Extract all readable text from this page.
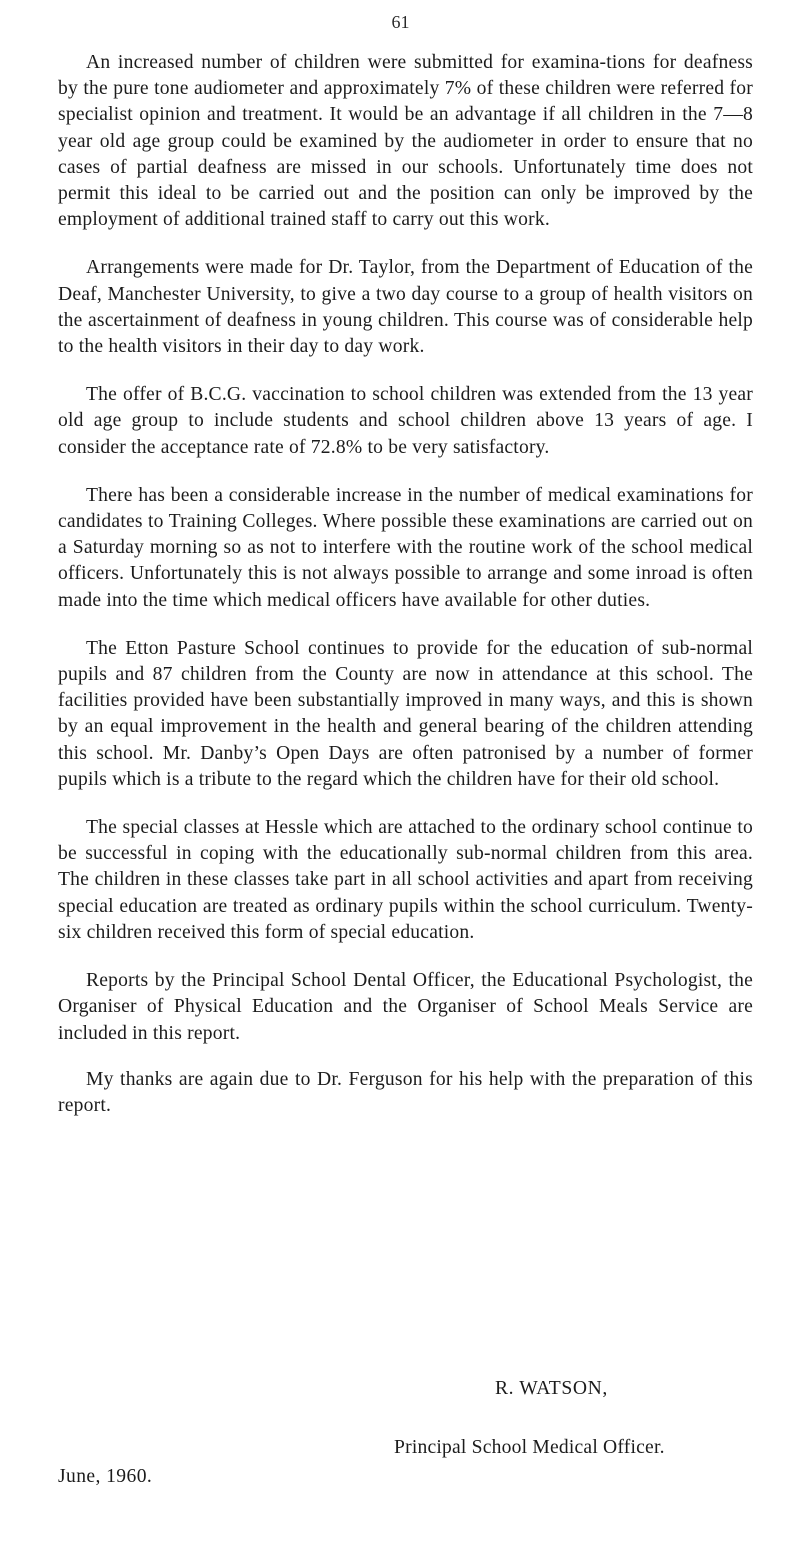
61

An increased number of children were submitted for examina-tions for deafness by the pure tone audiometer and approximately 7% of these children were referred for specialist opinion and treatment. It would be an advantage if all children in the 7—8 year old age group could be examined by the audiometer in order to ensure that no cases of partial deafness are missed in our schools. Unfortunately time does not permit this ideal to be carried out and the position can only be improved by the employment of additional trained staff to carry out this work.

Arrangements were made for Dr. Taylor, from the Department of Education of the Deaf, Manchester University, to give a two day course to a group of health visitors on the ascertainment of deafness in young children. This course was of considerable help to the health visitors in their day to day work.

The offer of B.C.G. vaccination to school children was extended from the 13 year old age group to include students and school children above 13 years of age. I consider the acceptance rate of 72.8% to be very satisfactory.

There has been a considerable increase in the number of medical examinations for candidates to Training Colleges. Where possible these examinations are carried out on a Saturday morning so as not to interfere with the routine work of the school medical officers. Unfortunately this is not always possible to arrange and some inroad is often made into the time which medical officers have available for other duties.

The Etton Pasture School continues to provide for the education of sub-normal pupils and 87 children from the County are now in attendance at this school. The facilities provided have been substantially improved in many ways, and this is shown by an equal improvement in the health and general bearing of the children attending this school. Mr. Danby’s Open Days are often patronised by a number of former pupils which is a tribute to the regard which the children have for their old school.

The special classes at Hessle which are attached to the ordinary school continue to be successful in coping with the educationally sub-normal children from this area. The children in these classes take part in all school activities and apart from receiving special education are treated as ordinary pupils within the school curriculum. Twenty-six children received this form of special education.

Reports by the Principal School Dental Officer, the Educational Psychologist, the Organiser of Physical Education and the Organiser of School Meals Service are included in this report.

My thanks are again due to Dr. Ferguson for his help with the preparation of this report.

R. WATSON,
Principal School Medical Officer.
June, 1960.
